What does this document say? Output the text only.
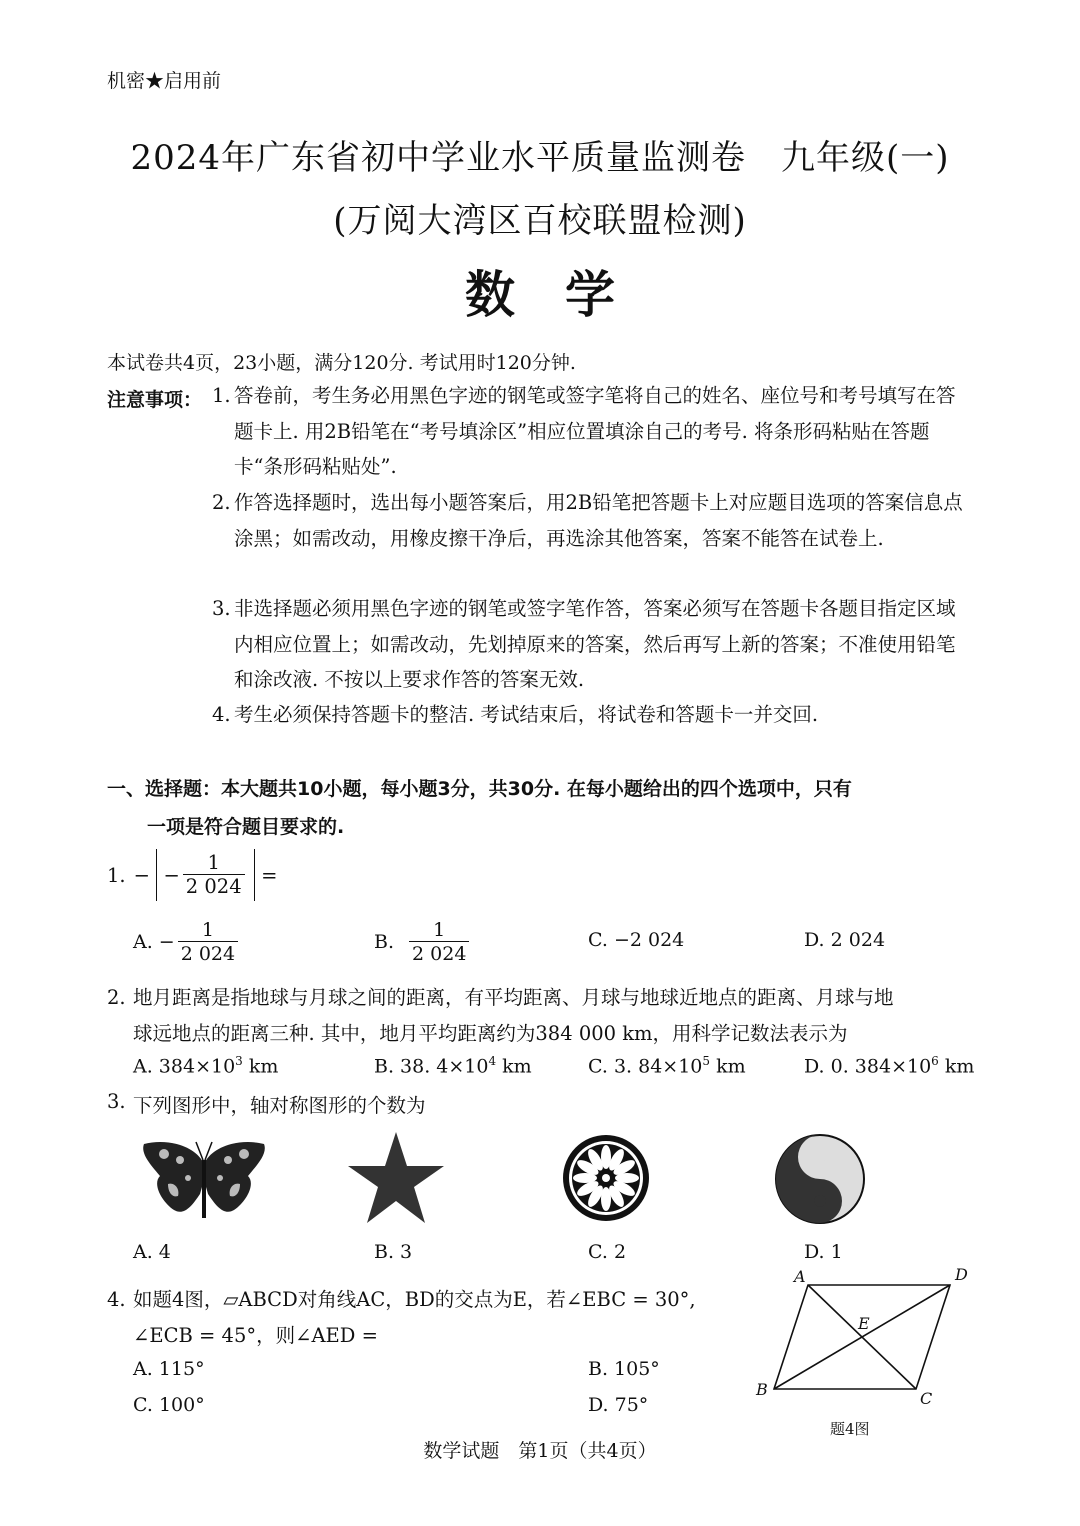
机密★启用前
2024年广东省初中学业水平质量监测卷　九年级(一)
(万阅大湾区百校联盟检测)
数学
本试卷共4页，23小题，满分120分. 考试用时120分钟.
注意事项： 1. 答卷前，考生务必用黑色字迹的钢笔或签字笔将自己的姓名、座位号和考号填写在答题卡上. 用2B铅笔在“考号填涂区”相应位置填涂自己的考号. 将条形码粘贴在答题卡“条形码粘贴处”.
2. 作答选择题时，选出每小题答案后，用2B铅笔把答题卡上对应题目选项的答案信息点涂黑；如需改动，用橡皮擦干净后，再选涂其他答案，答案不能答在试卷上.
3. 非选择题必须用黑色字迹的钢笔或签字笔作答，答案必须写在答题卡各题目指定区域内相应位置上；如需改动，先划掉原来的答案，然后再写上新的答案；不准使用铅笔和涂改液. 不按以上要求作答的答案无效.
4. 考生必须保持答题卡的整洁. 考试结束后，将试卷和答题卡一并交回.
一、选择题：本大题共10小题，每小题3分，共30分. 在每小题给出的四个选项中，只有
一项是符合题目要求的.
1. − − $\frac{1}{2 024}$ =
A. − $\frac{1}{2 024}$	B. $\frac{1}{2 024}$	C. −2 024	D. 2 024
2. 地月距离是指地球与月球之间的距离，有平均距离、月球与地球近地点的距离、月球与地
球远地点的距离三种. 其中，地月平均距离约为384 000 km，用科学记数法表示为
A. $384\times 10^3$ km	B. 38. $4\times 10^4$ km	C. 3. $84\times 10^5$ km	D. 0. $384\times 10^6$ km
3. 下列图形中，轴对称图形的个数为
A. 4	B. 3	C. 2	D. 1
4. 如题4图，▱ABCD对角线AC，BD的交点为E，若∠EBC = 30°,
∠ECB = 45°，则∠AED =
A. 115°	B. 105°
C. 100°	D. 75°
A	D
E
B	C
题4图
数学试题　第1页（共4页）
